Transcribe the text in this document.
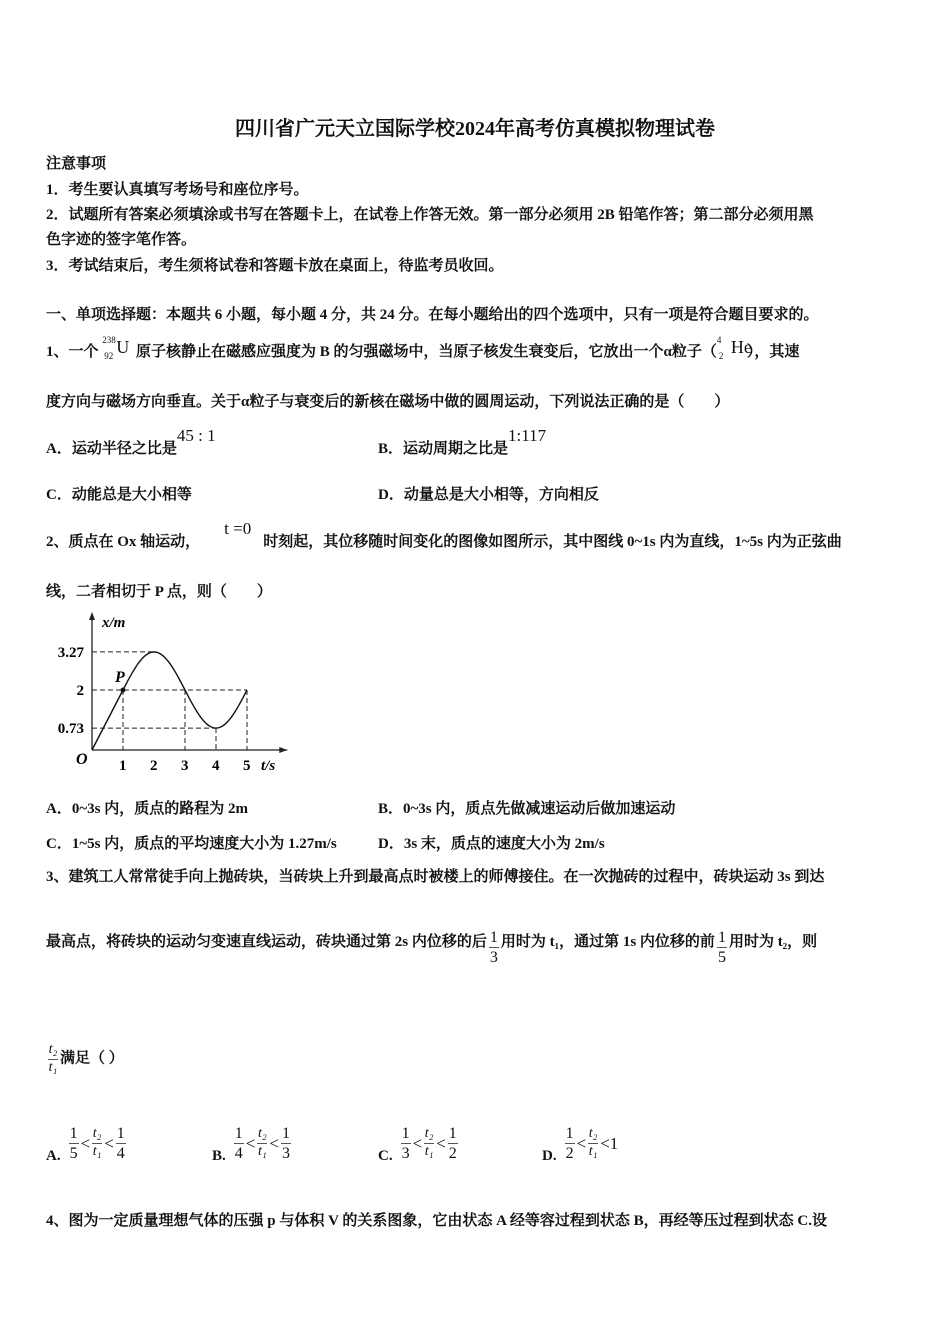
四川省广元天立国际学校2024年高考仿真模拟物理试卷
注意事项
1．考生要认真填写考场号和座位序号。
2．试题所有答案必须填涂或书写在答题卡上，在试卷上作答无效。第一部分必须用 2B 铅笔作答；第二部分必须用黑
色字迹的签字笔作答。
3．考试结束后，考生须将试卷和答题卡放在桌面上，待监考员收回。
一、单项选择题：本题共 6 小题，每小题 4 分，共 24 分。在每小题给出的四个选项中，只有一项是符合题目要求的。
1、一个
238
92 U 原子核静止在磁感应强度为 B 的匀强磁场中，当原子核发生衰变后，它放出一个α粒子（
4
2 He
），其速
度方向与磁场方向垂直。关于α粒子与衰变后的新核在磁场中做的圆周运动，下列说法正确的是（　　）
A．运动半径之比是45 : 1
B．运动周期之比是1:117
C．动能总是大小相等	D．动量总是大小相等，方向相反
2、质点在 Ox 轴运动，t =0时刻起，其位移随时间变化的图像如图所示，其中图线 0~1s 内为直线，1~5s 内为正弦曲
线，二者相切于 P 点，则（　　）
P
1 2 3 4 5
3.27
2
0.73
O	t/s
x/m
A．0~3s 内，质点的路程为 2m	B．0~3s 内，质点先做减速运动后做加速运动
C．1~5s 内，质点的平均速度大小为 1.27m/s	D．3s 末，质点的速度大小为 2m/s
3、建筑工人常常徒手向上抛砖块，当砖块上升到最高点时被楼上的师傅接住。在一次抛砖的过程中，砖块运动 3s 到达
最高点，将砖块的运动匀变速直线运动，砖块通过第 2s 内位移的后 $\frac{1}{3}$ 用时为 t₁，通过第 1s 内位移的前 $\frac{1}{5}$ 用时为 t₂，则
$\frac{\text{t₂}}{\text{t₁}}$ 满足（ ）
A. $\frac{1}{5} < \frac{\text{t₂}}{\text{t₁}} < \frac{1}{4}$	B. $\frac{1}{4} < \frac{\text{t₂}}{\text{t₁}} < \frac{1}{3}$	C. $\frac{1}{3} < \frac{\text{t₂}}{\text{t₁}} < \frac{1}{2}$	D. $\frac{1}{2} < \frac{\text{t₂}}{\text{t₁}} < 1$
4、图为一定质量理想气体的压强 p 与体积 V 的关系图象，它由状态 A 经等容过程到状态 B，再经等压过程到状态 C.设
